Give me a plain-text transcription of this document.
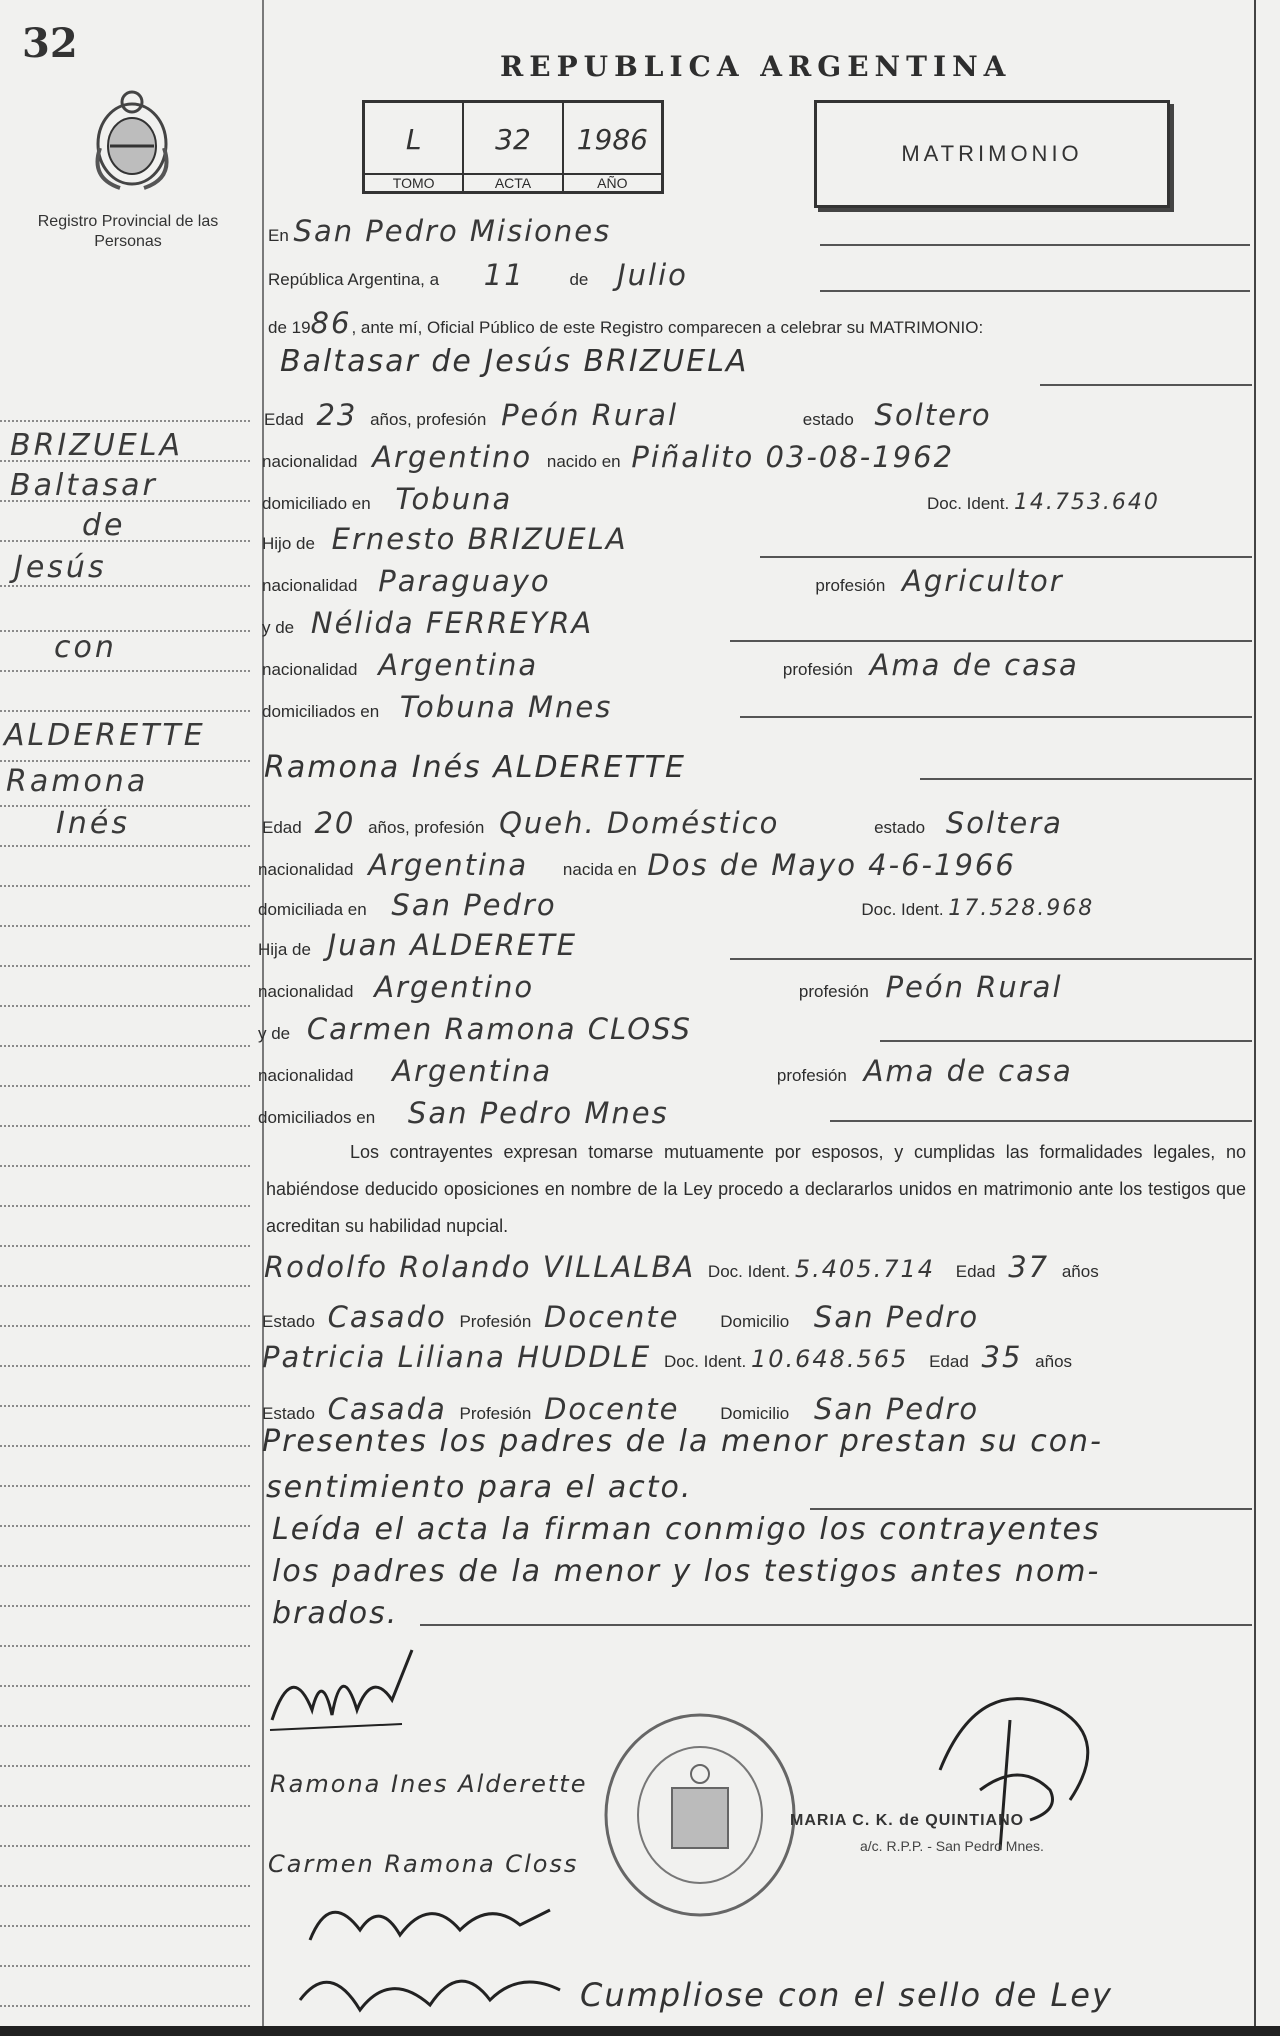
32
Registro Provincial de las Personas
BRIZUELA
Baltasar
de
Jesús
con
ALDERETTE
Ramona
Inés
REPUBLICA ARGENTINA
L
TOMO
32
ACTA
1986
AÑO
MATRIMONIO
En San Pedro Misiones
República Argentina, a 11	de Julio
de 1986, ante mí, Oficial Público de este Registro comparecen a celebrar su MATRIMONIO:
Baltasar de Jesús BRIZUELA
Edad 23 años, profesión Peón Rural	estado Soltero
nacionalidad Argentino nacido en Piñalito 03-08-1962
domiciliado en Tobuna	Doc. Ident. 14.753.640
Hijo de Ernesto BRIZUELA
nacionalidad Paraguayo	profesión Agricultor
y de Nélida FERREYRA
nacionalidad Argentina	profesión Ama de casa
domiciliados en Tobuna Mnes
Ramona Inés ALDERETTE
Edad 20 años, profesión Queh. Doméstico	estado Soltera
nacionalidad Argentina nacida en Dos de Mayo 4-6-1966
domiciliada en San Pedro	Doc. Ident. 17.528.968
Hija de Juan ALDERETE
nacionalidad Argentino	profesión Peón Rural
y de Carmen Ramona CLOSS
nacionalidad Argentina	profesión Ama de casa
domiciliados en San Pedro Mnes
Los contrayentes expresan tomarse mutuamente por esposos, y cumplidas las formalidades legales, no habiéndose deducido oposiciones en nombre de la Ley procedo a declararlos unidos en matrimonio ante los testigos que acreditan su habilidad nupcial.
Rodolfo Rolando VILLALBA Doc. Ident. 5.405.714 Edad 37 años
Estado Casado Profesión Docente Domicilio San Pedro
Patricia Liliana HUDDLE Doc. Ident. 10.648.565 Edad 35 años
Estado Casada Profesión Docente Domicilio San Pedro
Presentes los padres de la menor prestan su con-
sentimiento para el acto.
Leída el acta la firman conmigo los contrayentes
los padres de la menor y los testigos antes nom-
brados.
Ramona Ines Alderette
Carmen Ramona Closs
MARIA C. K. de QUINTIANO
a/c. R.P.P. - San Pedro Mnes.
Cumpliose con el sello de Ley
